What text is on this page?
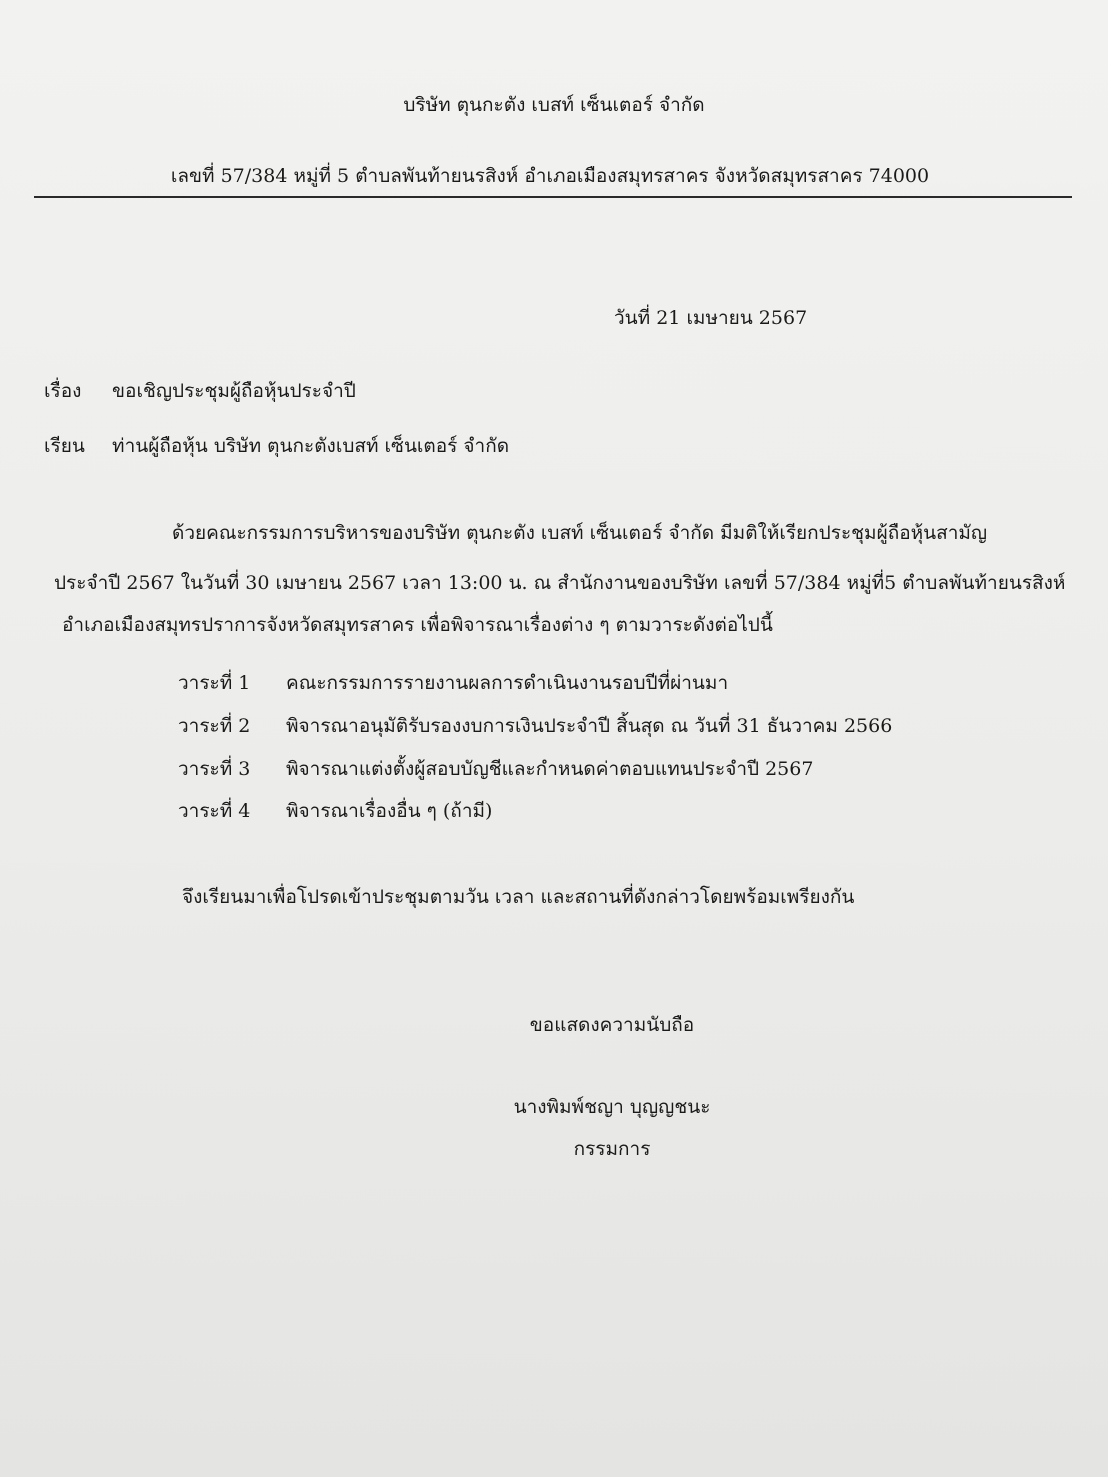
บริษัท ตุนกะตัง เบสท์ เซ็นเตอร์ จำกัด
เลขที่ 57/384 หมู่ที่ 5 ตำบลพันท้ายนรสิงห์ อำเภอเมืองสมุทรสาคร จังหวัดสมุทรสาคร 74000
วันที่ 21 เมษายน 2567
เรื่อง ขอเชิญประชุมผู้ถือหุ้นประจำปี
เรียน ท่านผู้ถือหุ้น บริษัท ตุนกะตังเบสท์ เซ็นเตอร์ จำกัด
ด้วยคณะกรรมการบริหารของบริษัท ตุนกะตัง เบสท์ เซ็นเตอร์ จำกัด มีมติให้เรียกประชุมผู้ถือหุ้นสามัญ
ประจำปี 2567 ในวันที่ 30 เมษายน 2567 เวลา 13:00 น. ณ สำนักงานของบริษัท เลขที่ 57/384 หมู่ที่5 ตำบลพันท้ายนรสิงห์
อำเภอเมืองสมุทรปราการจังหวัดสมุทรสาคร เพื่อพิจารณาเรื่องต่าง ๆ ตามวาระดังต่อไปนี้
วาระที่ 1 คณะกรรมการรายงานผลการดำเนินงานรอบปีที่ผ่านมา
วาระที่ 2 พิจารณาอนุมัติรับรองงบการเงินประจำปี สิ้นสุด ณ วันที่ 31 ธันวาคม 2566
วาระที่ 3 พิจารณาแต่งตั้งผู้สอบบัญชีและกำหนดค่าตอบแทนประจำปี 2567
วาระที่ 4 พิจารณาเรื่องอื่น ๆ (ถ้ามี)
จึงเรียนมาเพื่อโปรดเข้าประชุมตามวัน เวลา และสถานที่ดังกล่าวโดยพร้อมเพรียงกัน
ขอแสดงความนับถือ
นางพิมพ์ชญา บุญญชนะ
กรรมการ
